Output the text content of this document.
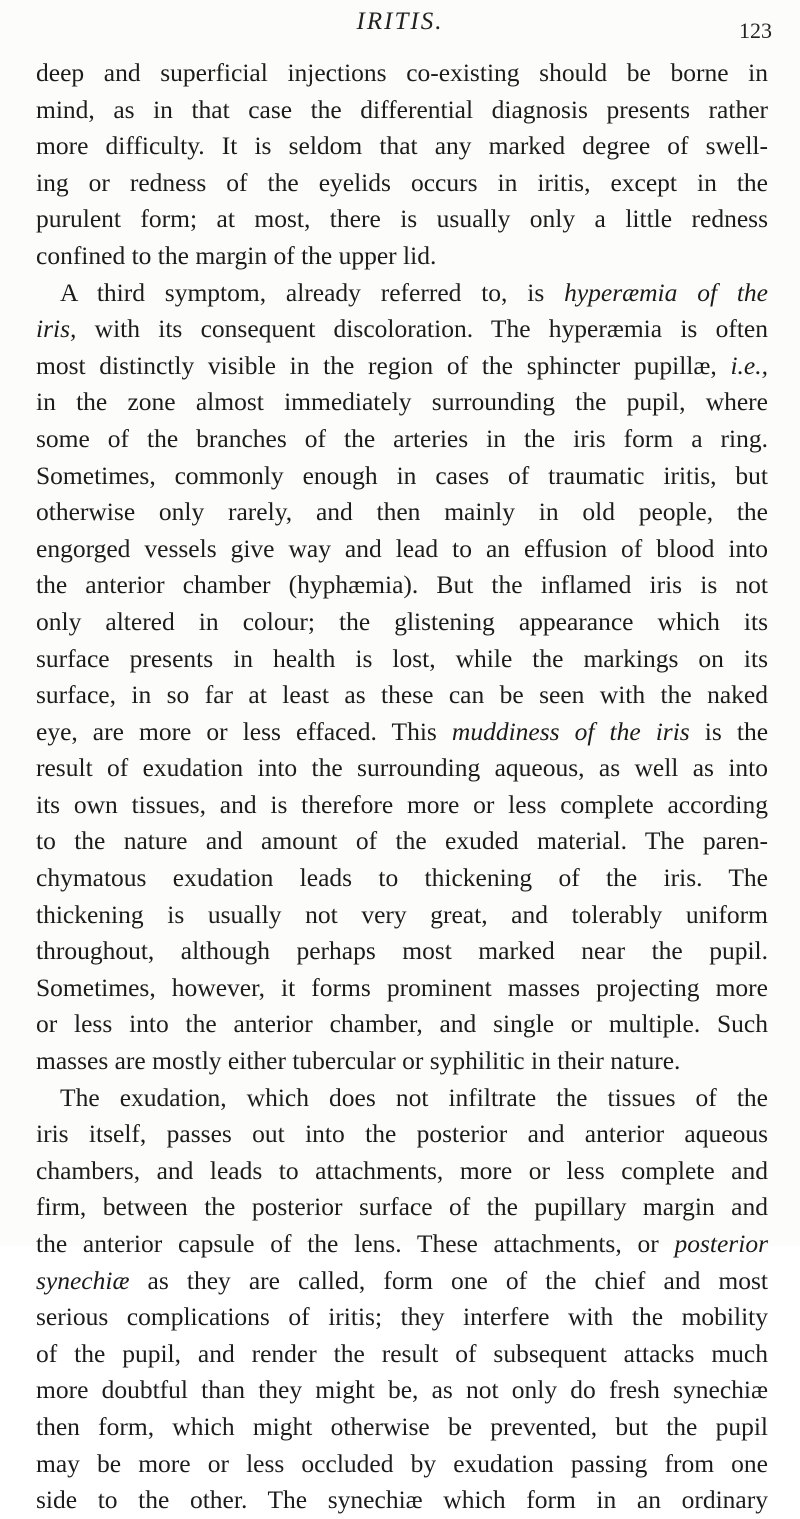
IRITIS.	123
deep and superficial injections co-existing should be borne in
mind, as in that case the differential diagnosis presents rather
more difficulty. It is seldom that any marked degree of swell-
ing or redness of the eyelids occurs in iritis, except in the
purulent form; at most, there is usually only a little redness
confined to the margin of the upper lid.
A third symptom, already referred to, is hyperæmia of the
iris, with its consequent discoloration. The hyperæmia is often
most distinctly visible in the region of the sphincter pupillæ, i.e.,
in the zone almost immediately surrounding the pupil, where
some of the branches of the arteries in the iris form a ring.
Sometimes, commonly enough in cases of traumatic iritis, but
otherwise only rarely, and then mainly in old people, the
engorged vessels give way and lead to an effusion of blood into
the anterior chamber (hyphæmia). But the inflamed iris is not
only altered in colour; the glistening appearance which its
surface presents in health is lost, while the markings on its
surface, in so far at least as these can be seen with the naked
eye, are more or less effaced. This muddiness of the iris is the
result of exudation into the surrounding aqueous, as well as into
its own tissues, and is therefore more or less complete according
to the nature and amount of the exuded material. The paren-
chymatous exudation leads to thickening of the iris. The
thickening is usually not very great, and tolerably uniform
throughout, although perhaps most marked near the pupil.
Sometimes, however, it forms prominent masses projecting more
or less into the anterior chamber, and single or multiple. Such
masses are mostly either tubercular or syphilitic in their nature.
The exudation, which does not infiltrate the tissues of the
iris itself, passes out into the posterior and anterior aqueous
chambers, and leads to attachments, more or less complete and
firm, between the posterior surface of the pupillary margin and
the anterior capsule of the lens. These attachments, or posterior
synechiæ as they are called, form one of the chief and most
serious complications of iritis; they interfere with the mobility
of the pupil, and render the result of subsequent attacks much
more doubtful than they might be, as not only do fresh synechiæ
then form, which might otherwise be prevented, but the pupil
may be more or less occluded by exudation passing from one
side to the other. The synechiæ which form in an ordinary
